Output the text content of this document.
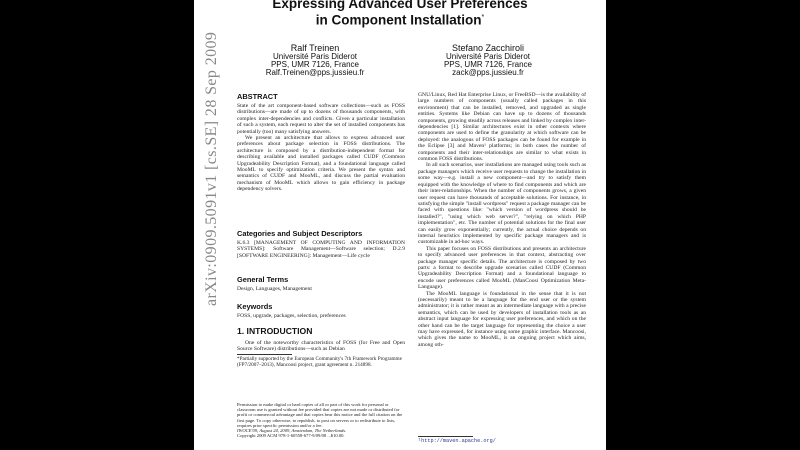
Expressing Advanced User Preferences
in Component Installation*
Ralf Treinen
Université Paris Diderot
PPS, UMR 7126, France
Ralf.Treinen@pps.jussieu.fr
Stefano Zacchiroli
Université Paris Diderot
PPS, UMR 7126, France
zack@pps.jussieu.fr
ABSTRACT

State of the art component-based software collections—such as FOSS distributions—are made of up to dozens of thousands components, with complex inter-dependencies and conflicts. Given a particular installation of such a system, each request to alter the set of installed components has potentially (too) many satisfying answers.

We present an architecture that allows to express advanced user preferences about package selection in FOSS distributions. The architecture is composed by a distribution-independent format for describing available and installed packages called CUDF (Common Upgradeability Description Format), and a foundational language called MooML to specify optimization criteria. We present the syntax and semantics of CUDF and MooML, and discuss the partial evaluation mechanism of MooML which allows to gain efficiency in package dependency solvers.

Categories and Subject Descriptors
K.6.3 [MANAGEMENT OF COMPUTING AND INFORMATION SYSTEMS]: Software Management—Software selection; D.2.9 [SOFTWARE ENGINEERING]: Management—Life cycle
General Terms
Design, Languages, Management
Keywords
FOSS, upgrade, packages, selection, preferences
1. INTRODUCTION
One of the noteworthy characteristics of FOSS (for Free and Open Source Software) distributions—such as Debian
*Partially supported by the European Community's 7th Framework Programme (FP7/2007–2013), Mancoosi project, grant agreement n. 214898.
Permission to make digital or hard copies of all or part of this work for personal or classroom use is granted without fee provided that copies are not made or distributed for profit or commercial advantage and that copies bear this notice and the full citation on the first page. To copy otherwise, to republish, to post on servers or to redistribute to lists, requires prior specific permission and/or a fee.
IWOCE'09, August 24, 2009, Amsterdam, The Netherlands.
Copyright 2009 ACM 978-1-60558-677-9/09/08 ...$10.00.

GNU/Linux, Red Hat Enterprise Linux, or FreeBSD—is the availability of large numbers of components (usually called packages in this environment) that can be installed, removed, and upgraded as single entities. Systems like Debian can have up to dozens of thousands components, growing steadily across releases and linked by complex inter-dependencies [1]. Similar architectures exist in other contexts where components are used to define the granularity at which software can be deployed: the analogous of FOSS packages can be found for example in the Eclipse [3] and Maven¹ platforms; in both cases the number of components and their inter-relationships are similar to what exists in common FOSS distributions.

In all such scenarios, user installations are managed using tools such as package managers which receive user requests to change the installation in some way—e.g. install a new component—and try to satisfy them equipped with the knowledge of where to find components and which are their inter-relationships. When the number of components grows, a given user request can have thousands of acceptable solutions. For instance, in satisfying the simple "install wordpress" request a package manager can be faced with questions like: "which version of wordpress should be installed?", "using which web server?", "relying on which PHP implementation", etc. The number of potential solutions for the final user can easily grow exponentially; currently, the actual choice depends on internal heuristics implemented by specific package managers and is customizable in ad-hoc ways.

This paper focuses on FOSS distributions and presents an architecture to specify advanced user preferences in that context, abstracting over package manager specific details. The architecture is composed by two parts: a format to describe upgrade scenarios called CUDF (Common Upgradeability Description Format) and a foundational language to encode user preferences called MooML (ManCoosi Optimization Meta-Language).

The MooML language is foundational in the sense that it is not (necessarily) meant to be a language for the end user or the system administrator; it is rather meant as an intermediate language with a precise semantics, which can be used by developers of installation tools as an abstract input language for expressing user preferences, and which on the other hand can be the target language for representing the choice a user may have expressed, for instance using some graphic interface. Mancoosi, which gives the name to MooML, is an ongoing project which aims, among oth-

¹http://maven.apache.org/
arXiv:0909.5091v1 [cs.SE] 28 Sep 2009
